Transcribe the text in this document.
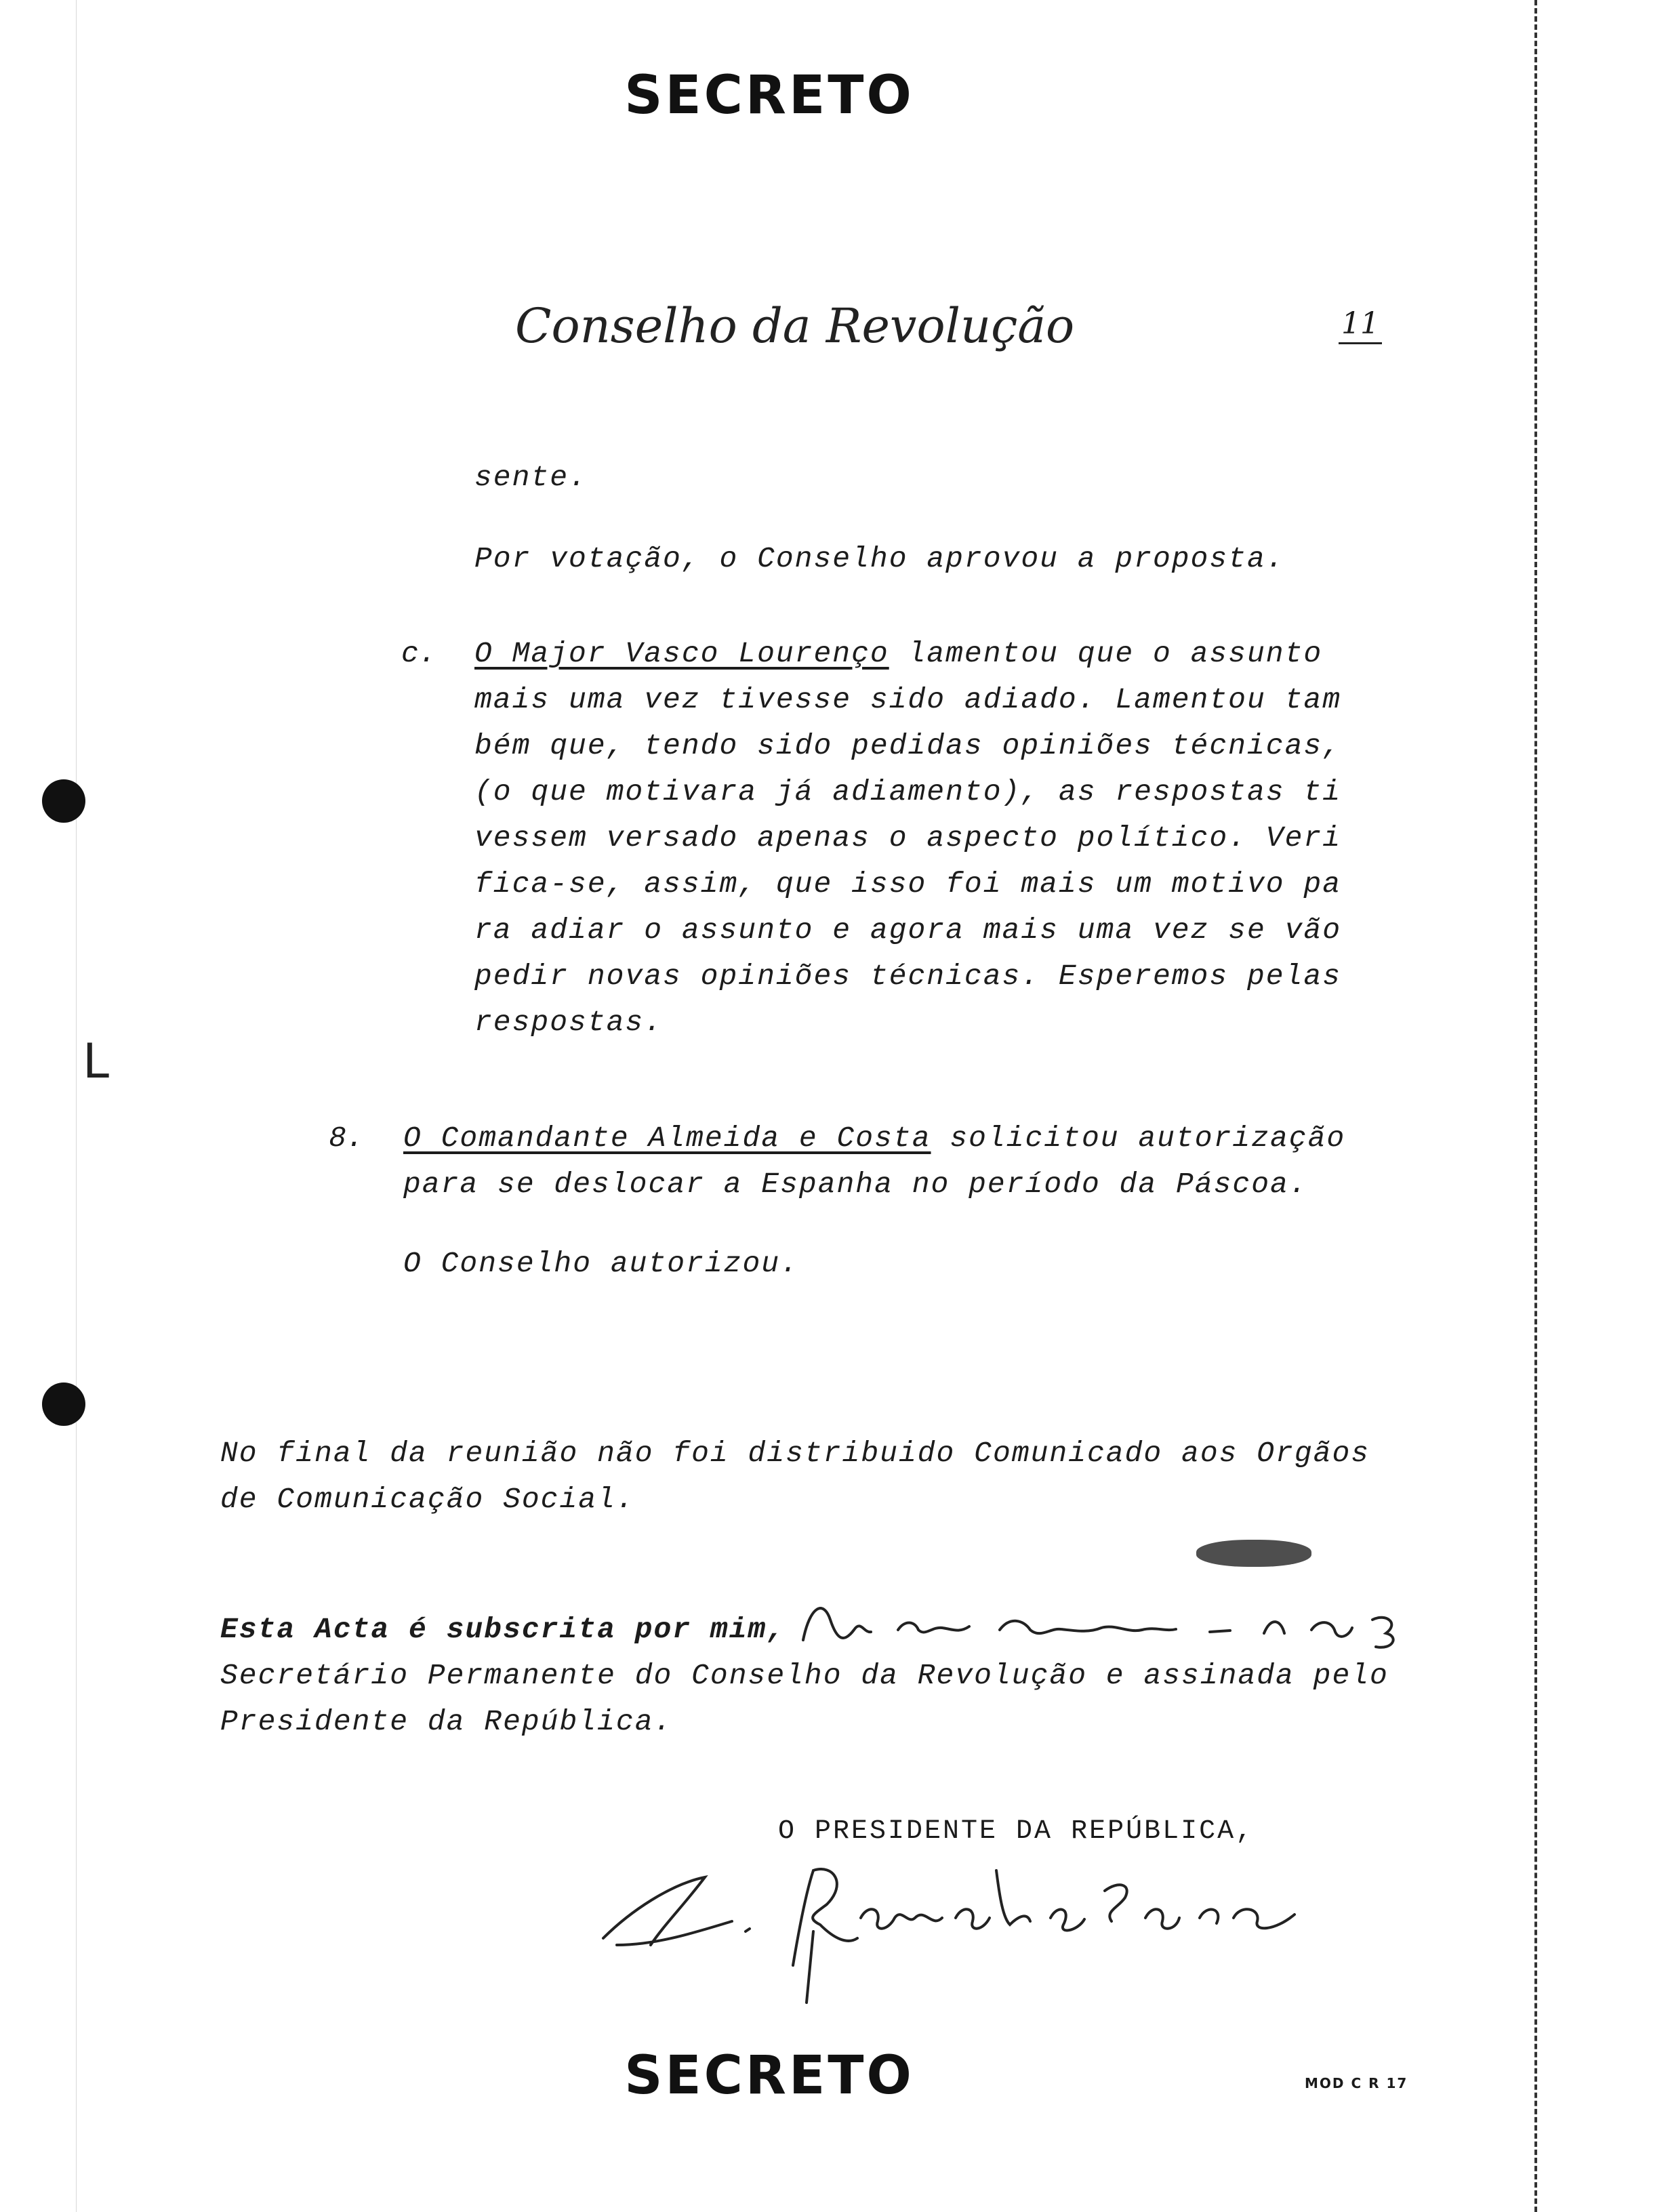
L
SECRETO
Conselho da Revolução	11
sente.
Por votação, o Conselho aprovou a proposta.
c. O Major Vasco Lourenço lamentou que o assunto
mais uma vez tivesse sido adiado. Lamentou tam
bém que, tendo sido pedidas opiniões técnicas,
(o que motivara já adiamento), as respostas ti
vessem versado apenas o aspecto político. Veri
fica-se, assim, que isso foi mais um motivo pa
ra adiar o assunto e agora mais uma vez se vão
pedir novas opiniões técnicas. Esperemos pelas
respostas.
8. O Comandante Almeida e Costa solicitou autorização
para se deslocar a Espanha no período da Páscoa.
O Conselho autorizou.
No final da reunião não foi distribuido Comunicado aos Orgãos
de Comunicação Social.
Esta Acta é subscrita por mim,
Secretário Permanente do Conselho da Revolução e assinada pelo
Presidente da República.
O PRESIDENTE DA REPÚBLICA,
SECRETO	MOD C R 17
